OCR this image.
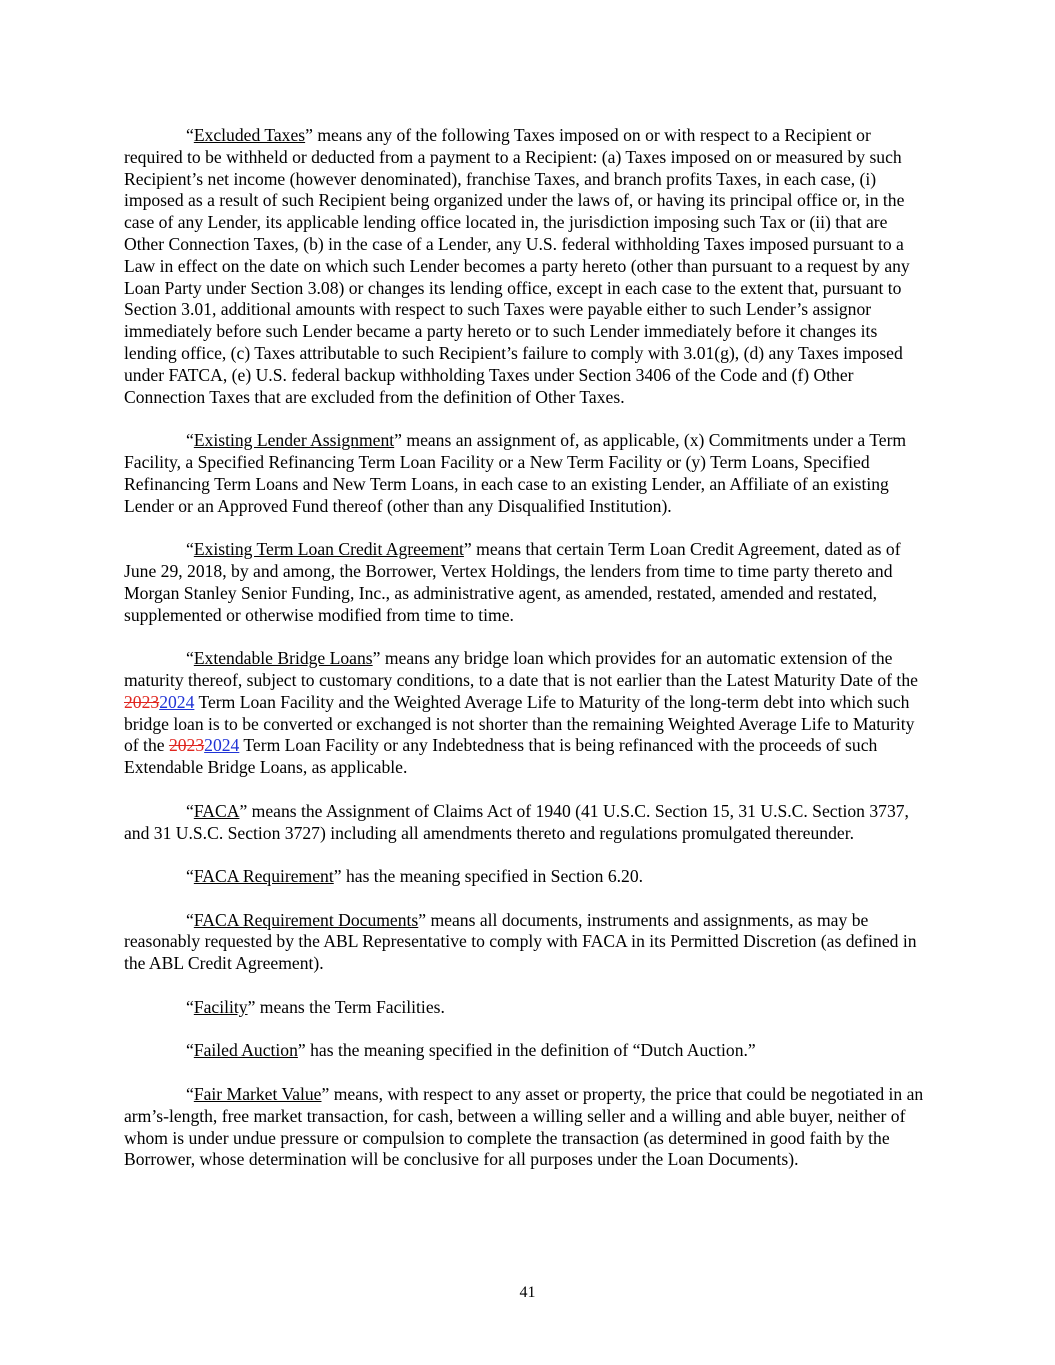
“Excluded Taxes” means any of the following Taxes imposed on or with respect to a Recipient or required to be withheld or deducted from a payment to a Recipient: (a) Taxes imposed on or measured by such Recipient’s net income (however denominated), franchise Taxes, and branch profits Taxes, in each case, (i) imposed as a result of such Recipient being organized under the laws of, or having its principal office or, in the case of any Lender, its applicable lending office located in, the jurisdiction imposing such Tax or (ii) that are Other Connection Taxes, (b) in the case of a Lender, any U.S. federal withholding Taxes imposed pursuant to a Law in effect on the date on which such Lender becomes a party hereto (other than pursuant to a request by any Loan Party under Section 3.08) or changes its lending office, except in each case to the extent that, pursuant to Section 3.01, additional amounts with respect to such Taxes were payable either to such Lender’s assignor immediately before such Lender became a party hereto or to such Lender immediately before it changes its lending office, (c) Taxes attributable to such Recipient’s failure to comply with 3.01(g), (d) any Taxes imposed under FATCA, (e) U.S. federal backup withholding Taxes under Section 3406 of the Code and (f) Other Connection Taxes that are excluded from the definition of Other Taxes.

“Existing Lender Assignment” means an assignment of, as applicable, (x) Commitments under a Term Facility, a Specified Refinancing Term Loan Facility or a New Term Facility or (y) Term Loans, Specified Refinancing Term Loans and New Term Loans, in each case to an existing Lender, an Affiliate of an existing Lender or an Approved Fund thereof (other than any Disqualified Institution).

“Existing Term Loan Credit Agreement” means that certain Term Loan Credit Agreement, dated as of June 29, 2018, by and among, the Borrower, Vertex Holdings, the lenders from time to time party thereto and Morgan Stanley Senior Funding, Inc., as administrative agent, as amended, restated, amended and restated, supplemented or otherwise modified from time to time.

“Extendable Bridge Loans” means any bridge loan which provides for an automatic extension of the maturity thereof, subject to customary conditions, to a date that is not earlier than the Latest Maturity Date of the 20232024 Term Loan Facility and the Weighted Average Life to Maturity of the long-term debt into which such bridge loan is to be converted or exchanged is not shorter than the remaining Weighted Average Life to Maturity of the 20232024 Term Loan Facility or any Indebtedness that is being refinanced with the proceeds of such Extendable Bridge Loans, as applicable.

“FACA” means the Assignment of Claims Act of 1940 (41 U.S.C. Section 15, 31 U.S.C. Section 3737, and 31 U.S.C. Section 3727) including all amendments thereto and regulations promulgated thereunder.

“FACA Requirement” has the meaning specified in Section 6.20.

“FACA Requirement Documents” means all documents, instruments and assignments, as may be reasonably requested by the ABL Representative to comply with FACA in its Permitted Discretion (as defined in the ABL Credit Agreement).

“Facility” means the Term Facilities.

“Failed Auction” has the meaning specified in the definition of “Dutch Auction.”

“Fair Market Value” means, with respect to any asset or property, the price that could be negotiated in an arm’s-length, free market transaction, for cash, between a willing seller and a willing and able buyer, neither of whom is under undue pressure or compulsion to complete the transaction (as determined in good faith by the Borrower, whose determination will be conclusive for all purposes under the Loan Documents).

41
